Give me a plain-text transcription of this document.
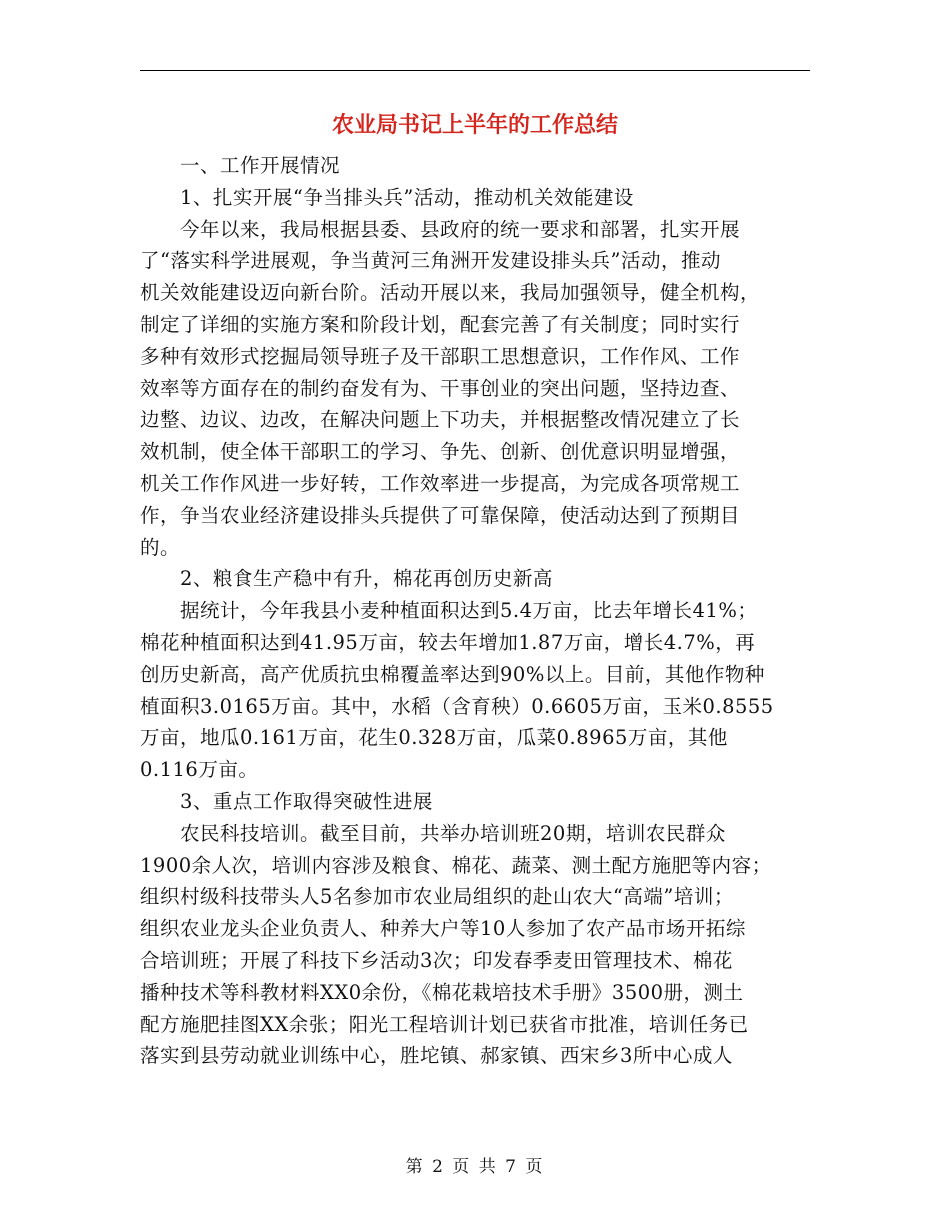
农业局书记上半年的工作总结
一、工作开展情况
1、扎实开展“争当排头兵”活动，推动机关效能建设
今年以来，我局根据县委、县政府的统一要求和部署，扎实开展
了“落实科学进展观，争当黄河三角洲开发建设排头兵”活动，推动
机关效能建设迈向新台阶。活动开展以来，我局加强领导，健全机构，
制定了详细的实施方案和阶段计划，配套完善了有关制度；同时实行
多种有效形式挖掘局领导班子及干部职工思想意识，工作作风、工作
效率等方面存在的制约奋发有为、干事创业的突出问题，坚持边查、
边整、边议、边改，在解决问题上下功夫，并根据整改情况建立了长
效机制，使全体干部职工的学习、争先、创新、创优意识明显增强，
机关工作作风进一步好转，工作效率进一步提高，为完成各项常规工
作，争当农业经济建设排头兵提供了可靠保障，使活动达到了预期目
的。
2、粮食生产稳中有升，棉花再创历史新高
据统计，今年我县小麦种植面积达到5.4万亩，比去年增长41%；
棉花种植面积达到41.95万亩，较去年增加1.87万亩，增长4.7%，再
创历史新高，高产优质抗虫棉覆盖率达到90%以上。目前，其他作物种
植面积3.0165万亩。其中，水稻（含育秧）0.6605万亩，玉米0.8555
万亩，地瓜0.161万亩，花生0.328万亩，瓜菜0.8965万亩，其他
0.116万亩。
3、重点工作取得突破性进展
农民科技培训。截至目前，共举办培训班20期，培训农民群众
1900余人次，培训内容涉及粮食、棉花、蔬菜、测土配方施肥等内容；
组织村级科技带头人5名参加市农业局组织的赴山农大“高端”培训；
组织农业龙头企业负责人、种养大户等10人参加了农产品市场开拓综
合培训班；开展了科技下乡活动3次；印发春季麦田管理技术、棉花
播种技术等科教材料XX0余份，《棉花栽培技术手册》3500册，测土
配方施肥挂图XX余张；阳光工程培训计划已获省市批准，培训任务已
落实到县劳动就业训练中心，胜坨镇、郝家镇、西宋乡3所中心成人
第 2 页 共 7 页
